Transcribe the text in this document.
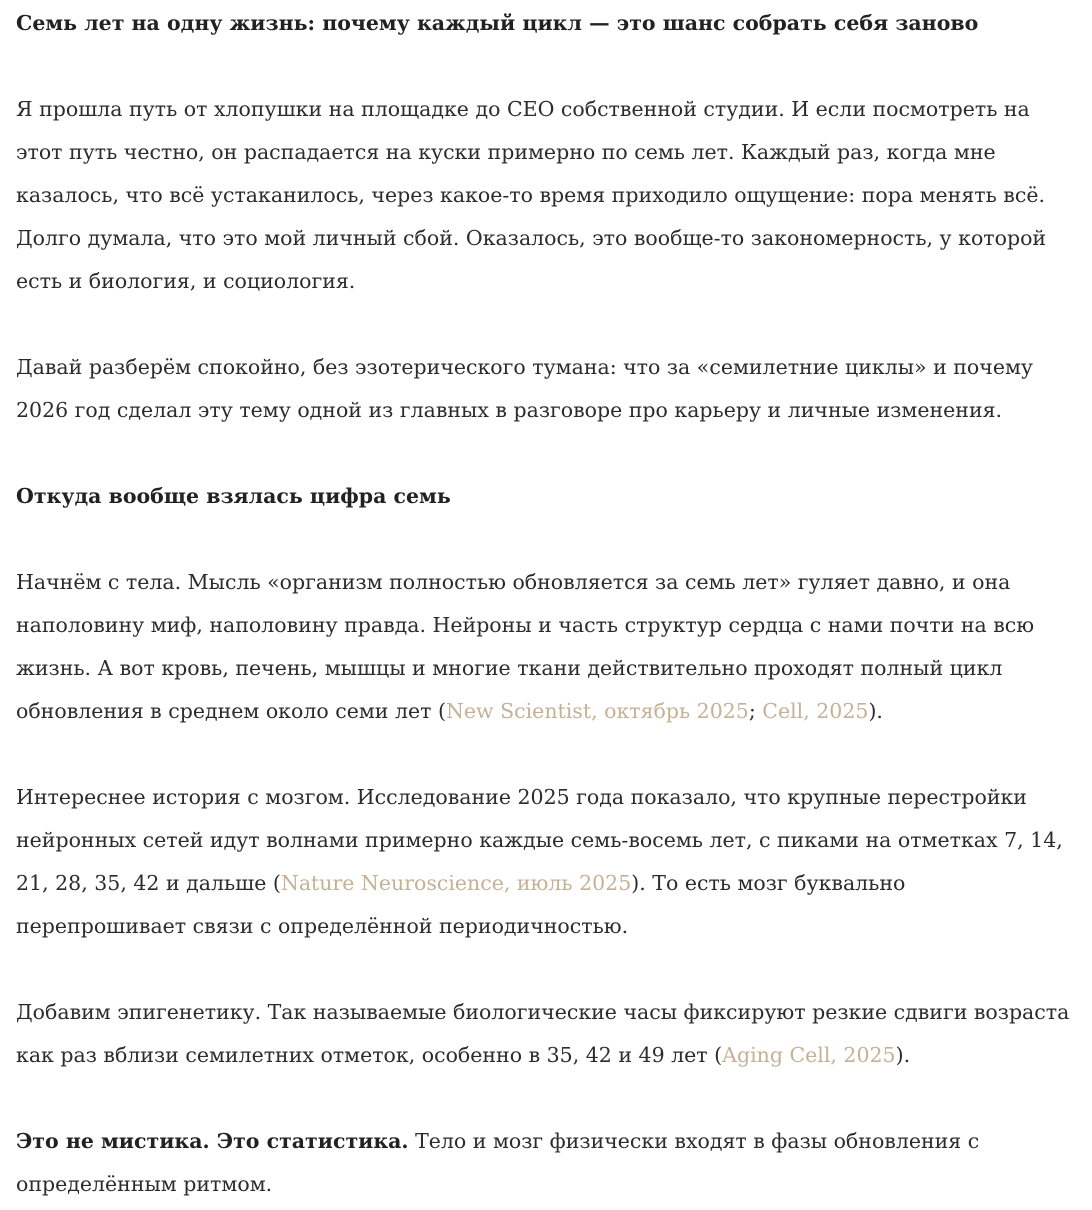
Семь лет на одну жизнь: почему каждый цикл — это шанс собрать себя заново

Я прошла путь от хлопушки на площадке до CEO собственной студии. И если посмотреть на этот путь честно, он распадается на куски примерно по семь лет. Каждый раз, когда мне казалось, что всё устаканилось, через какое-то время приходило ощущение: пора менять всё. Долго думала, что это мой личный сбой. Оказалось, это вообще-то закономерность, у которой есть и биология, и социология.

Давай разберём спокойно, без эзотерического тумана: что за «семилетние циклы» и почему 2026 год сделал эту тему одной из главных в разговоре про карьеру и личные изменения.

Откуда вообще взялась цифра семь

Начнём с тела. Мысль «организм полностью обновляется за семь лет» гуляет давно, и она наполовину миф, наполовину правда. Нейроны и часть структур сердца с нами почти на всю жизнь. А вот кровь, печень, мышцы и многие ткани действительно проходят полный цикл обновления в среднем около семи лет (New Scientist, октябрь 2025; Cell, 2025).

Интереснее история с мозгом. Исследование 2025 года показало, что крупные перестройки нейронных сетей идут волнами примерно каждые семь-восемь лет, с пиками на отметках 7, 14, 21, 28, 35, 42 и дальше (Nature Neuroscience, июль 2025). То есть мозг буквально перепрошивает связи с определённой периодичностью.

Добавим эпигенетику. Так называемые биологические часы фиксируют резкие сдвиги возраста как раз вблизи семилетних отметок, особенно в 35, 42 и 49 лет (Aging Cell, 2025).

Это не мистика. Это статистика. Тело и мозг физически входят в фазы обновления с определённым ритмом.
